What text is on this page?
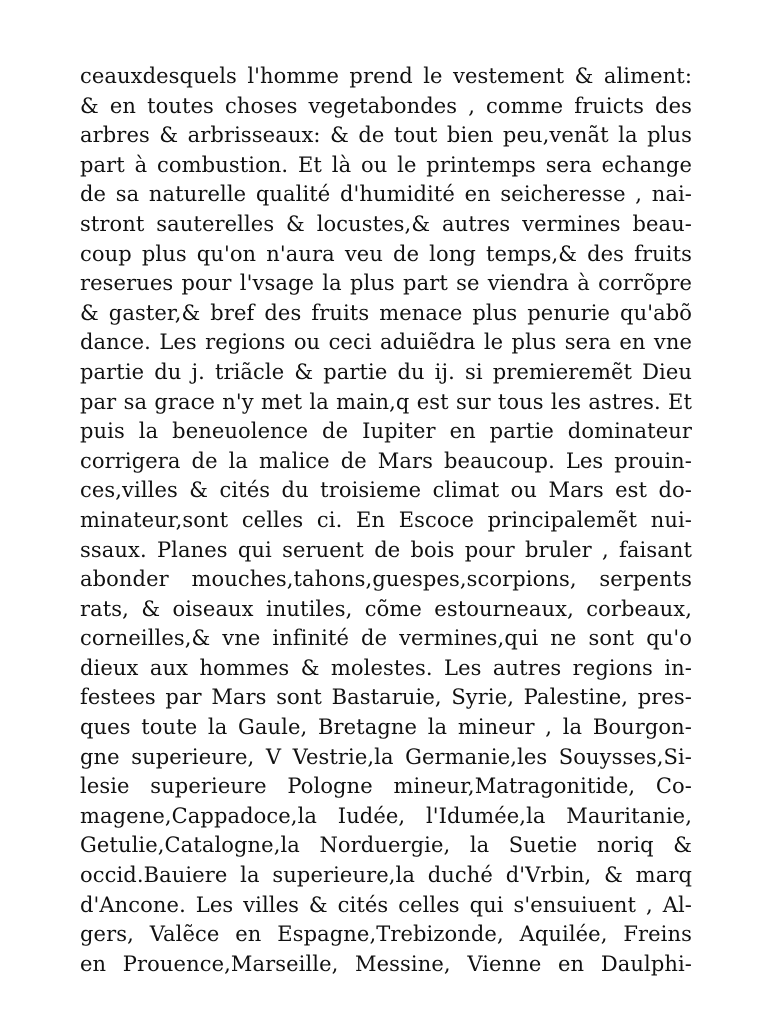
ceauxdesquels l'homme prend le vestement & aliment:
& en toutes choses vegetabondes , comme fruicts des
arbres & arbrisseaux: & de tout bien peu,venãt la plus
part à combustion. Et là ou le printemps sera echange
de sa naturelle qualité d'humidité en seicheresse , nai-
stront sauterelles & locustes,& autres vermines beau-
coup plus qu'on n'aura veu de long temps,& des fruits
reserues pour l'vsage la plus part se viendra à corrõpre
& gaster,& bref des fruits menace plus penurie qu'abõ
dance. Les regions ou ceci aduiẽdra le plus sera en vne
partie du j. triãcle & partie du ij. si premieremẽt Dieu
par sa grace n'y met la main,q est sur tous les astres. Et
puis la beneuolence de Iupiter en partie dominateur
corrigera de la malice de Mars beaucoup. Les prouin-
ces,villes & cités du troisieme climat ou Mars est do-
minateur,sont celles ci. En Escoce principalemẽt nui-
ssaux. Planes qui seruent de bois pour bruler , faisant
abonder mouches,tahons,guespes,scorpions, serpents
rats, & oiseaux inutiles, cõme estourneaux, corbeaux,
corneilles,& vne infinité de vermines,qui ne sont qu'o
dieux aux hommes & molestes. Les autres regions in-
festees par Mars sont Bastaruie, Syrie, Palestine, pres-
ques toute la Gaule, Bretagne la mineur , la Bourgon-
gne superieure, V Vestrie,la Germanie,les Souysses,Si-
lesie superieure Pologne mineur,Matragonitide, Co-
magene,Cappadoce,la Iudée, l'Idumée,la Mauritanie,
Getulie,Catalogne,la Norduergie, la Suetie noriq &
occid.Bauiere la superieure,la duché d'Vrbin, & marq
d'Ancone. Les villes & cités celles qui s'ensuiuent , Al-
gers, Valẽce en Espagne,Trebizonde, Aquilée, Freins
en Prouence,Marseille, Messine, Vienne en Daulphi-
